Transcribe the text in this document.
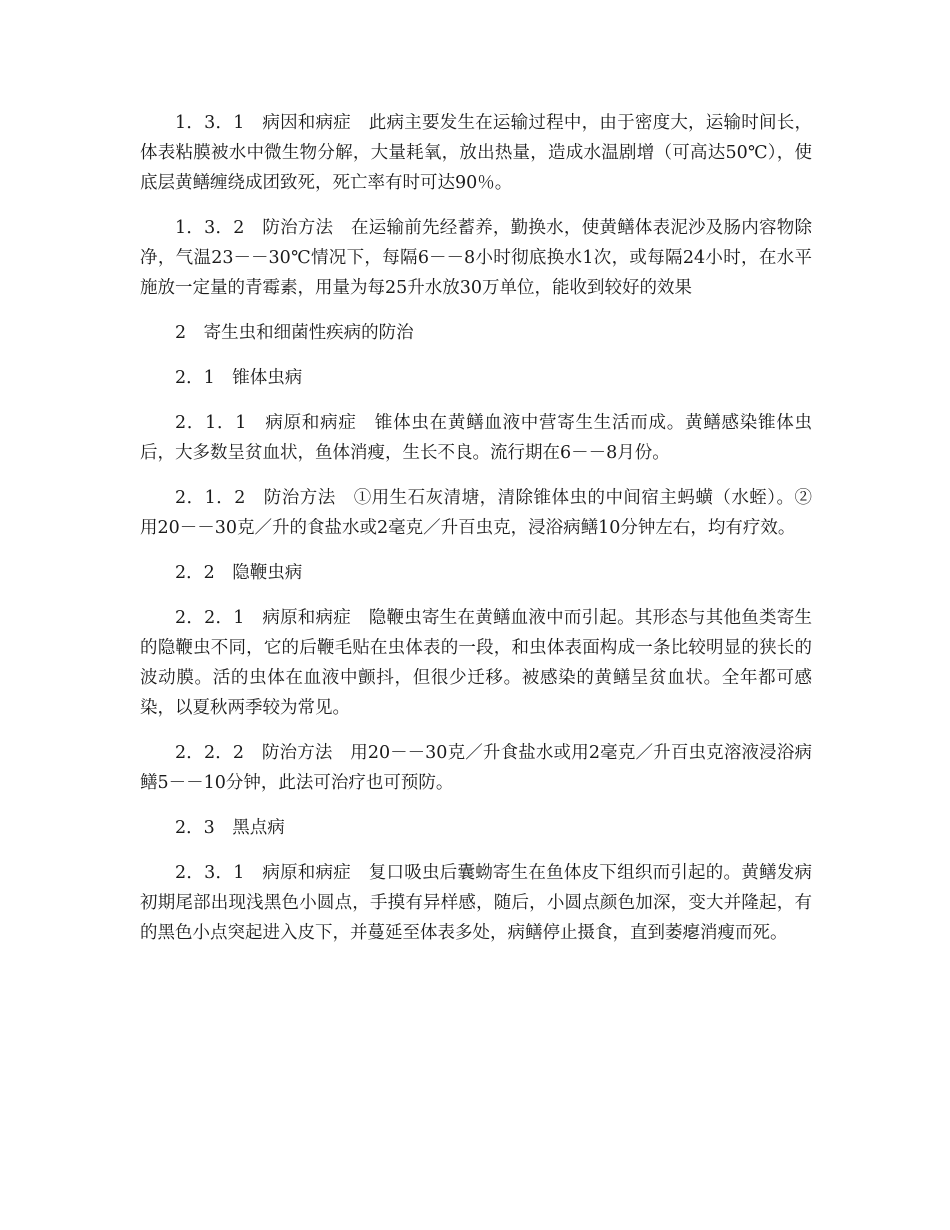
1．3．1　病因和病症　此病主要发生在运输过程中，由于密度大，运输时间长，体表粘膜被水中微生物分解，大量耗氧，放出热量，造成水温剧增（可高达50℃），使底层黄鳝缠绕成团致死，死亡率有时可达90％。

1．3．2　防治方法　在运输前先经蓄养，勤换水，使黄鳝体表泥沙及肠内容物除净，气温23－－30℃情况下，每隔6－－8小时彻底换水1次，或每隔24小时，在水平施放一定量的青霉素，用量为每25升水放30万单位，能收到较好的效果

2　寄生虫和细菌性疾病的防治

2．1　锥体虫病

2．1．1　病原和病症　锥体虫在黄鳝血液中营寄生生活而成。黄鳝感染锥体虫后，大多数呈贫血状，鱼体消瘦，生长不良。流行期在6－－8月份。

2．1．2　防治方法　①用生石灰清塘，清除锥体虫的中间宿主蚂蟥（水蛭）。②用20－－30克／升的食盐水或2毫克／升百虫克，浸浴病鳝10分钟左右，均有疗效。

2．2　隐鞭虫病

2．2．1　病原和病症　隐鞭虫寄生在黄鳝血液中而引起。其形态与其他鱼类寄生的隐鞭虫不同，它的后鞭毛贴在虫体表的一段，和虫体表面构成一条比较明显的狭长的波动膜。活的虫体在血液中颤抖，但很少迁移。被感染的黄鳝呈贫血状。全年都可感染，以夏秋两季较为常见。

2．2．2　防治方法　用20－－30克／升食盐水或用2毫克／升百虫克溶液浸浴病鳝5－－10分钟，此法可治疗也可预防。

2．3　黑点病

2．3．1　病原和病症　复口吸虫后囊蚴寄生在鱼体皮下组织而引起的。黄鳝发病初期尾部出现浅黑色小圆点，手摸有异样感，随后，小圆点颜色加深，变大并隆起，有的黑色小点突起进入皮下，并蔓延至体表多处，病鳝停止摄食，直到萎瘪消瘦而死。
